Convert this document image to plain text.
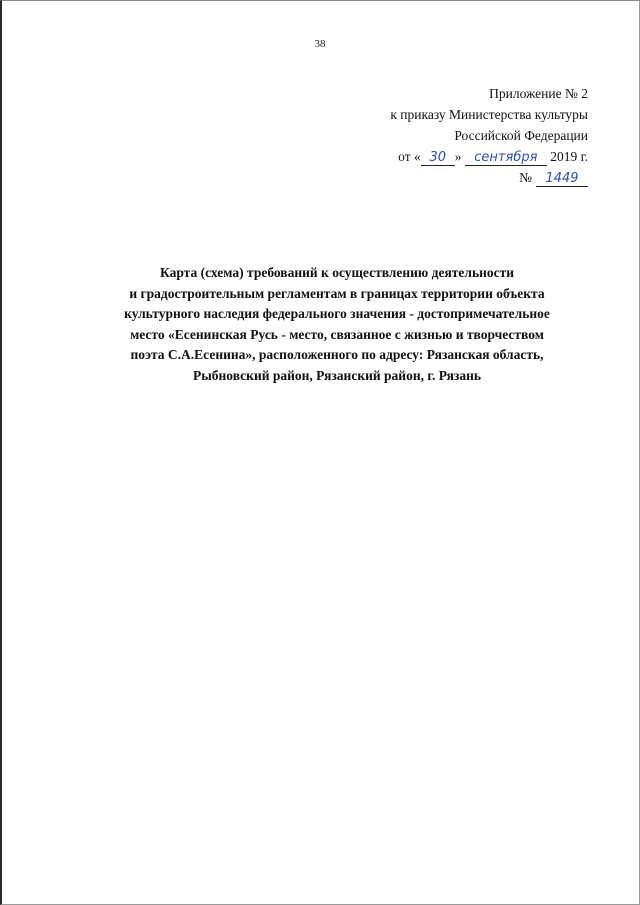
38
Приложение № 2
к приказу Министерства культуры
Российской Федерации
от « 30 » сентября 2019 г.
№ 1449
Карта (схема) требований к осуществлению деятельности
и градостроительным регламентам в границах территории объекта
культурного наследия федерального значения - достопримечательное
место «Есенинская Русь - место, связанное с жизнью и творчеством
поэта С.А.Есенина», расположенного по адресу: Рязанская область,
Рыбновский район, Рязанский район, г. Рязань
